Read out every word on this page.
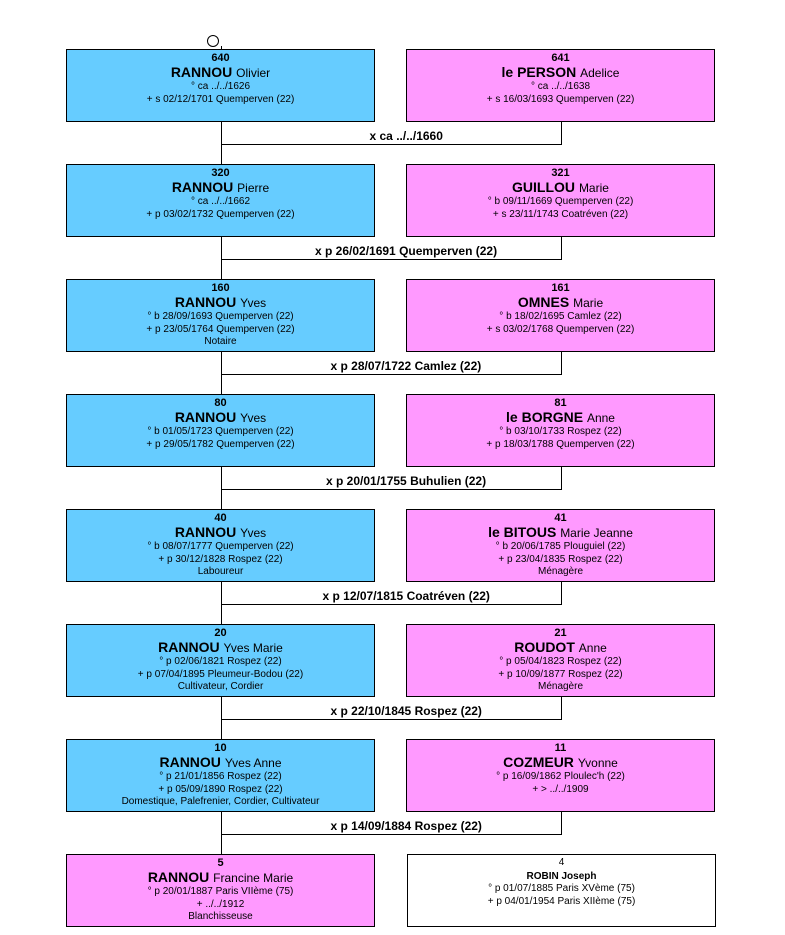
640
RANNOU Olivier
° ca ../../1626
+ s 02/12/1701 Quemperven (22)
641
le PERSON Adelice
° ca ../../1638
+ s 16/03/1693 Quemperven (22)
x ca ../../1660
320
RANNOU Pierre
° ca ../../1662
+ p 03/02/1732 Quemperven (22)
321
GUILLOU Marie
° b 09/11/1669 Quemperven (22)
+ s 23/11/1743 Coatréven (22)
x p 26/02/1691 Quemperven (22)
160
RANNOU Yves
° b 28/09/1693 Quemperven (22)
+ p 23/05/1764 Quemperven (22)
Notaire
161
OMNES Marie
° b 18/02/1695 Camlez (22)
+ s 03/02/1768 Quemperven (22)
x p 28/07/1722 Camlez (22)
80
RANNOU Yves
° b 01/05/1723 Quemperven (22)
+ p 29/05/1782 Quemperven (22)
81
le BORGNE Anne
° b 03/10/1733 Rospez (22)
+ p 18/03/1788 Quemperven (22)
x p 20/01/1755 Buhulien (22)
40
RANNOU Yves
° b 08/07/1777 Quemperven (22)
+ p 30/12/1828 Rospez (22)
Laboureur
41
le BITOUS Marie Jeanne
° b 20/06/1785 Plouguiel (22)
+ p 23/04/1835 Rospez (22)
Ménagère
x p 12/07/1815 Coatréven (22)
20
RANNOU Yves Marie
° p 02/06/1821 Rospez (22)
+ p 07/04/1895 Pleumeur-Bodou (22)
Cultivateur, Cordier
21
ROUDOT Anne
° p 05/04/1823 Rospez (22)
+ p 10/09/1877 Rospez (22)
Ménagère
x p 22/10/1845 Rospez (22)
10
RANNOU Yves Anne
° p 21/01/1856 Rospez (22)
+ p 05/09/1890 Rospez (22)
Domestique, Palefrenier, Cordier, Cultivateur
11
COZMEUR Yvonne
° p 16/09/1862 Ploulec'h (22)
+ > ../../1909
x p 14/09/1884 Rospez (22)
5
RANNOU Francine Marie
° p 20/01/1887 Paris VIIème (75)
+ ../../1912
Blanchisseuse
4
ROBIN Joseph
° p 01/07/1885 Paris XVème (75)
+ p 04/01/1954 Paris XIIème (75)
